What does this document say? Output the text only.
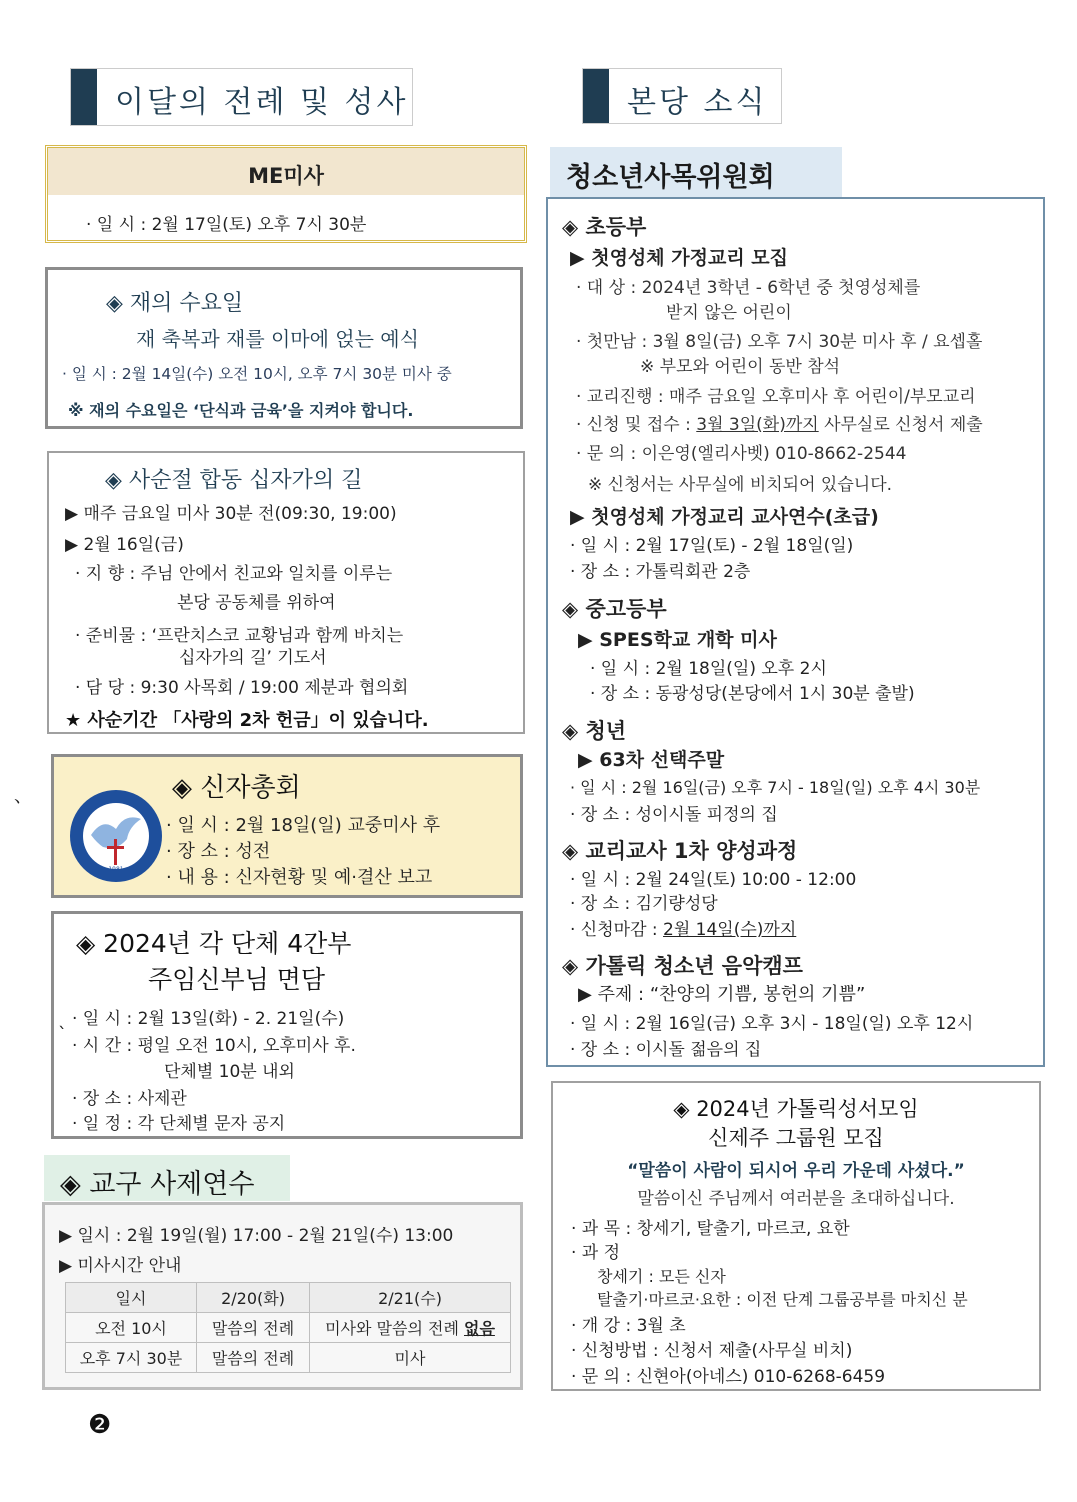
이달의 전례 및 성사	본당 소식
ME미사
· 일 시 : 2월 17일(토) 오후 7시 30분
◈ 재의 수요일
재 축복과 재를 이마에 얹는 예식
· 일 시 : 2월 14일(수) 오전 10시, 오후 7시 30분 미사 중
※ 재의 수요일은 ‘단식과 금육’을 지켜야 합니다.
◈ 사순절 합동 십자가의 길
▶ 매주 금요일 미사 30분 전(09:30, 19:00)
▶ 2월 16일(금)
· 지 향 : 주님 안에서 친교와 일치를 이루는
본당 공동체를 위하여
· 준비물 : ‘프란치스코 교황님과 함께 바치는
십자가의 길’ 기도서
· 담 당 : 9:30 사목회 / 19:00 제분과 협의회
★ 사순기간 「사랑의 2차 헌금」이 있습니다.
、
1981
◈ 신자총회
· 일 시 : 2월 18일(일) 교중미사 후
· 장 소 : 성전
· 내 용 : 신자현황 및 예·결산 보고
◈ 2024년 각 단체 4간부
주임신부님 면담
· 일 시 : 2월 13일(화) - 2. 21일(수)
`
· 시 간 : 평일 오전 10시, 오후미사 후.
단체별 10분 내외
· 장 소 : 사제관
· 일 정 : 각 단체별 문자 공지
◈ 교구 사제연수
▶ 일시 : 2월 19일(월) 17:00 - 2월 21일(수) 13:00
▶ 미사시간 안내
일시	2/20(화)	2/21(수)
오전 10시	말씀의 전례	미사와 말씀의 전례 없음
오후 7시 30분	말씀의 전례	미사
❷
청소년사목위원회
◈ 초등부
▶ 첫영성체 가정교리 모집
· 대 상 : 2024년 3학년 - 6학년 중 첫영성체를
받지 않은 어린이
· 첫만남 : 3월 8일(금) 오후 7시 30분 미사 후 / 요셉홀
※ 부모와 어린이 동반 참석
· 교리진행 : 매주 금요일 오후미사 후 어린이/부모교리
· 신청 및 접수 : 3월 3일(화)까지 사무실로 신청서 제출
· 문 의 : 이은영(엘리사벳) 010-8662-2544
※ 신청서는 사무실에 비치되어 있습니다.
▶ 첫영성체 가정교리 교사연수(초급)
· 일 시 : 2월 17일(토) - 2월 18일(일)
· 장 소 : 가톨릭회관 2층
◈ 중고등부
▶ SPES학교 개학 미사
· 일 시 : 2월 18일(일) 오후 2시
· 장 소 : 동광성당(본당에서 1시 30분 출발)
◈ 청년
▶ 63차 선택주말
· 일 시 : 2월 16일(금) 오후 7시 - 18일(일) 오후 4시 30분
· 장 소 : 성이시돌 피정의 집
◈ 교리교사 1차 양성과정
· 일 시 : 2월 24일(토) 10:00 - 12:00
· 장 소 : 김기량성당
· 신청마감 : 2월 14일(수)까지
◈ 가톨릭 청소년 음악캠프
▶ 주제 : “찬양의 기쁨, 봉헌의 기쁨”
· 일 시 : 2월 16일(금) 오후 3시 - 18일(일) 오후 12시
· 장 소 : 이시돌 젊음의 집
◈ 2024년 가톨릭성서모임
신제주 그룹원 모집
“말씀이 사람이 되시어 우리 가운데 사셨다.”
말씀이신 주님께서 여러분을 초대하십니다.
· 과 목 : 창세기, 탈출기, 마르코, 요한
· 과 정
창세기 : 모든 신자
탈출기·마르코·요한 : 이전 단계 그룹공부를 마치신 분
· 개 강 : 3월 초
· 신청방법 : 신청서 제출(사무실 비치)
· 문 의 : 신현아(아네스) 010-6268-6459
